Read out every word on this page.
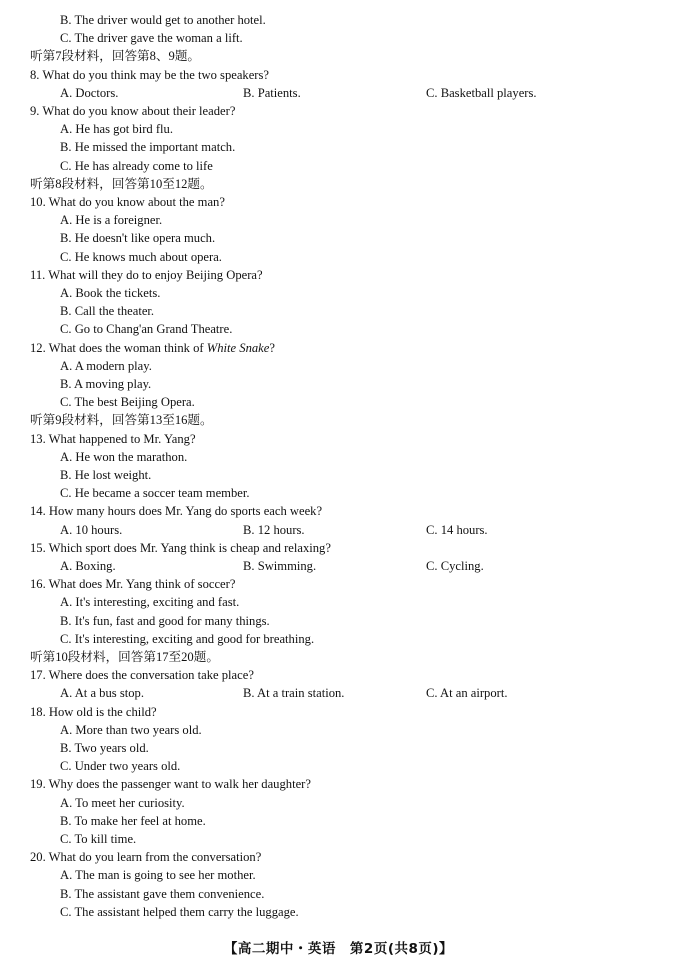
B. The driver would get to another hotel.
C. The driver gave the woman a lift.
听第7段材料，回答第8、9题。
8. What do you think may be the two speakers?
A. Doctors.	B. Patients.	C. Basketball players.
9. What do you know about their leader?
A. He has got bird flu.
B. He missed the important match.
C. He has already come to life
听第8段材料，回答第10至12题。
10. What do you know about the man?
A. He is a foreigner.
B. He doesn't like opera much.
C. He knows much about opera.
11. What will they do to enjoy Beijing Opera?
A. Book the tickets.
B. Call the theater.
C. Go to Chang'an Grand Theatre.
12. What does the woman think of White Snake?
A. A modern play.
B. A moving play.
C. The best Beijing Opera.
听第9段材料，回答第13至16题。
13. What happened to Mr. Yang?
A. He won the marathon.
B. He lost weight.
C. He became a soccer team member.
14. How many hours does Mr. Yang do sports each week?
A. 10 hours.	B. 12 hours.	C. 14 hours.
15. Which sport does Mr. Yang think is cheap and relaxing?
A. Boxing.	B. Swimming.	C. Cycling.
16. What does Mr. Yang think of soccer?
A. It's interesting, exciting and fast.
B. It's fun, fast and good for many things.
C. It's interesting, exciting and good for breathing.
听第10段材料，回答第17至20题。
17. Where does the conversation take place?
A. At a bus stop.	B. At a train station.	C. At an airport.
18. How old is the child?
A. More than two years old.
B. Two years old.
C. Under two years old.
19. Why does the passenger want to walk her daughter?
A. To meet her curiosity.
B. To make her feel at home.
C. To kill time.
20. What do you learn from the conversation?
A. The man is going to see her mother.
B. The assistant gave them convenience.
C. The assistant helped them carry the luggage.
【高二期中・英语　第2页(共8页)】
